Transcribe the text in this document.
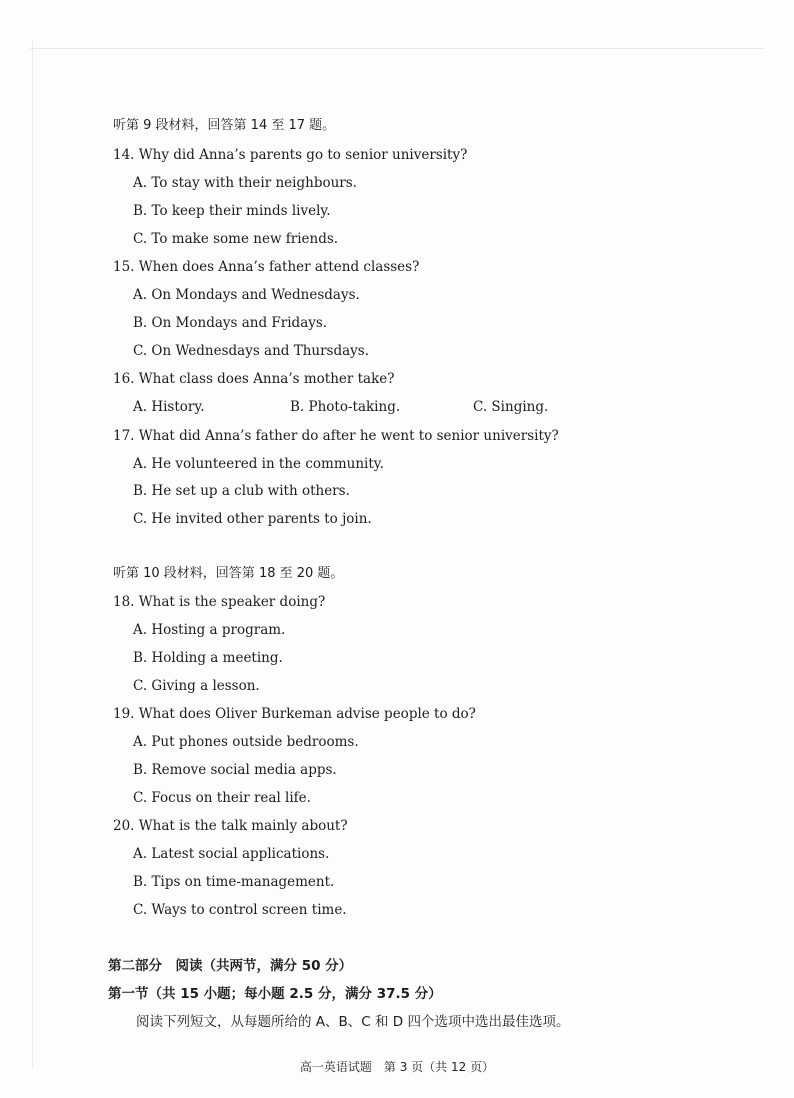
听第 9 段材料，回答第 14 至 17 题。
14. Why did Anna’s parents go to senior university?
A. To stay with their neighbours.
B. To keep their minds lively.
C. To make some new friends.
15. When does Anna’s father attend classes?
A. On Mondays and Wednesdays.
B. On Mondays and Fridays.
C. On Wednesdays and Thursdays.
16. What class does Anna’s mother take?
A. History.	B. Photo-taking.	C. Singing.
17. What did Anna’s father do after he went to senior university?
A. He volunteered in the community.
B. He set up a club with others.
C. He invited other parents to join.
听第 10 段材料，回答第 18 至 20 题。
18. What is the speaker doing?
A. Hosting a program.
B. Holding a meeting.
C. Giving a lesson.
19. What does Oliver Burkeman advise people to do?
A. Put phones outside bedrooms.
B. Remove social media apps.
C. Focus on their real life.
20. What is the talk mainly about?
A. Latest social applications.
B. Tips on time-management.
C. Ways to control screen time.
第二部分　阅读（共两节，满分 50 分）
第一节（共 15 小题；每小题 2.5 分，满分 37.5 分）
阅读下列短文，从每题所给的 A、B、C 和 D 四个选项中选出最佳选项。
高一英语试题　第 3 页（共 12 页）
